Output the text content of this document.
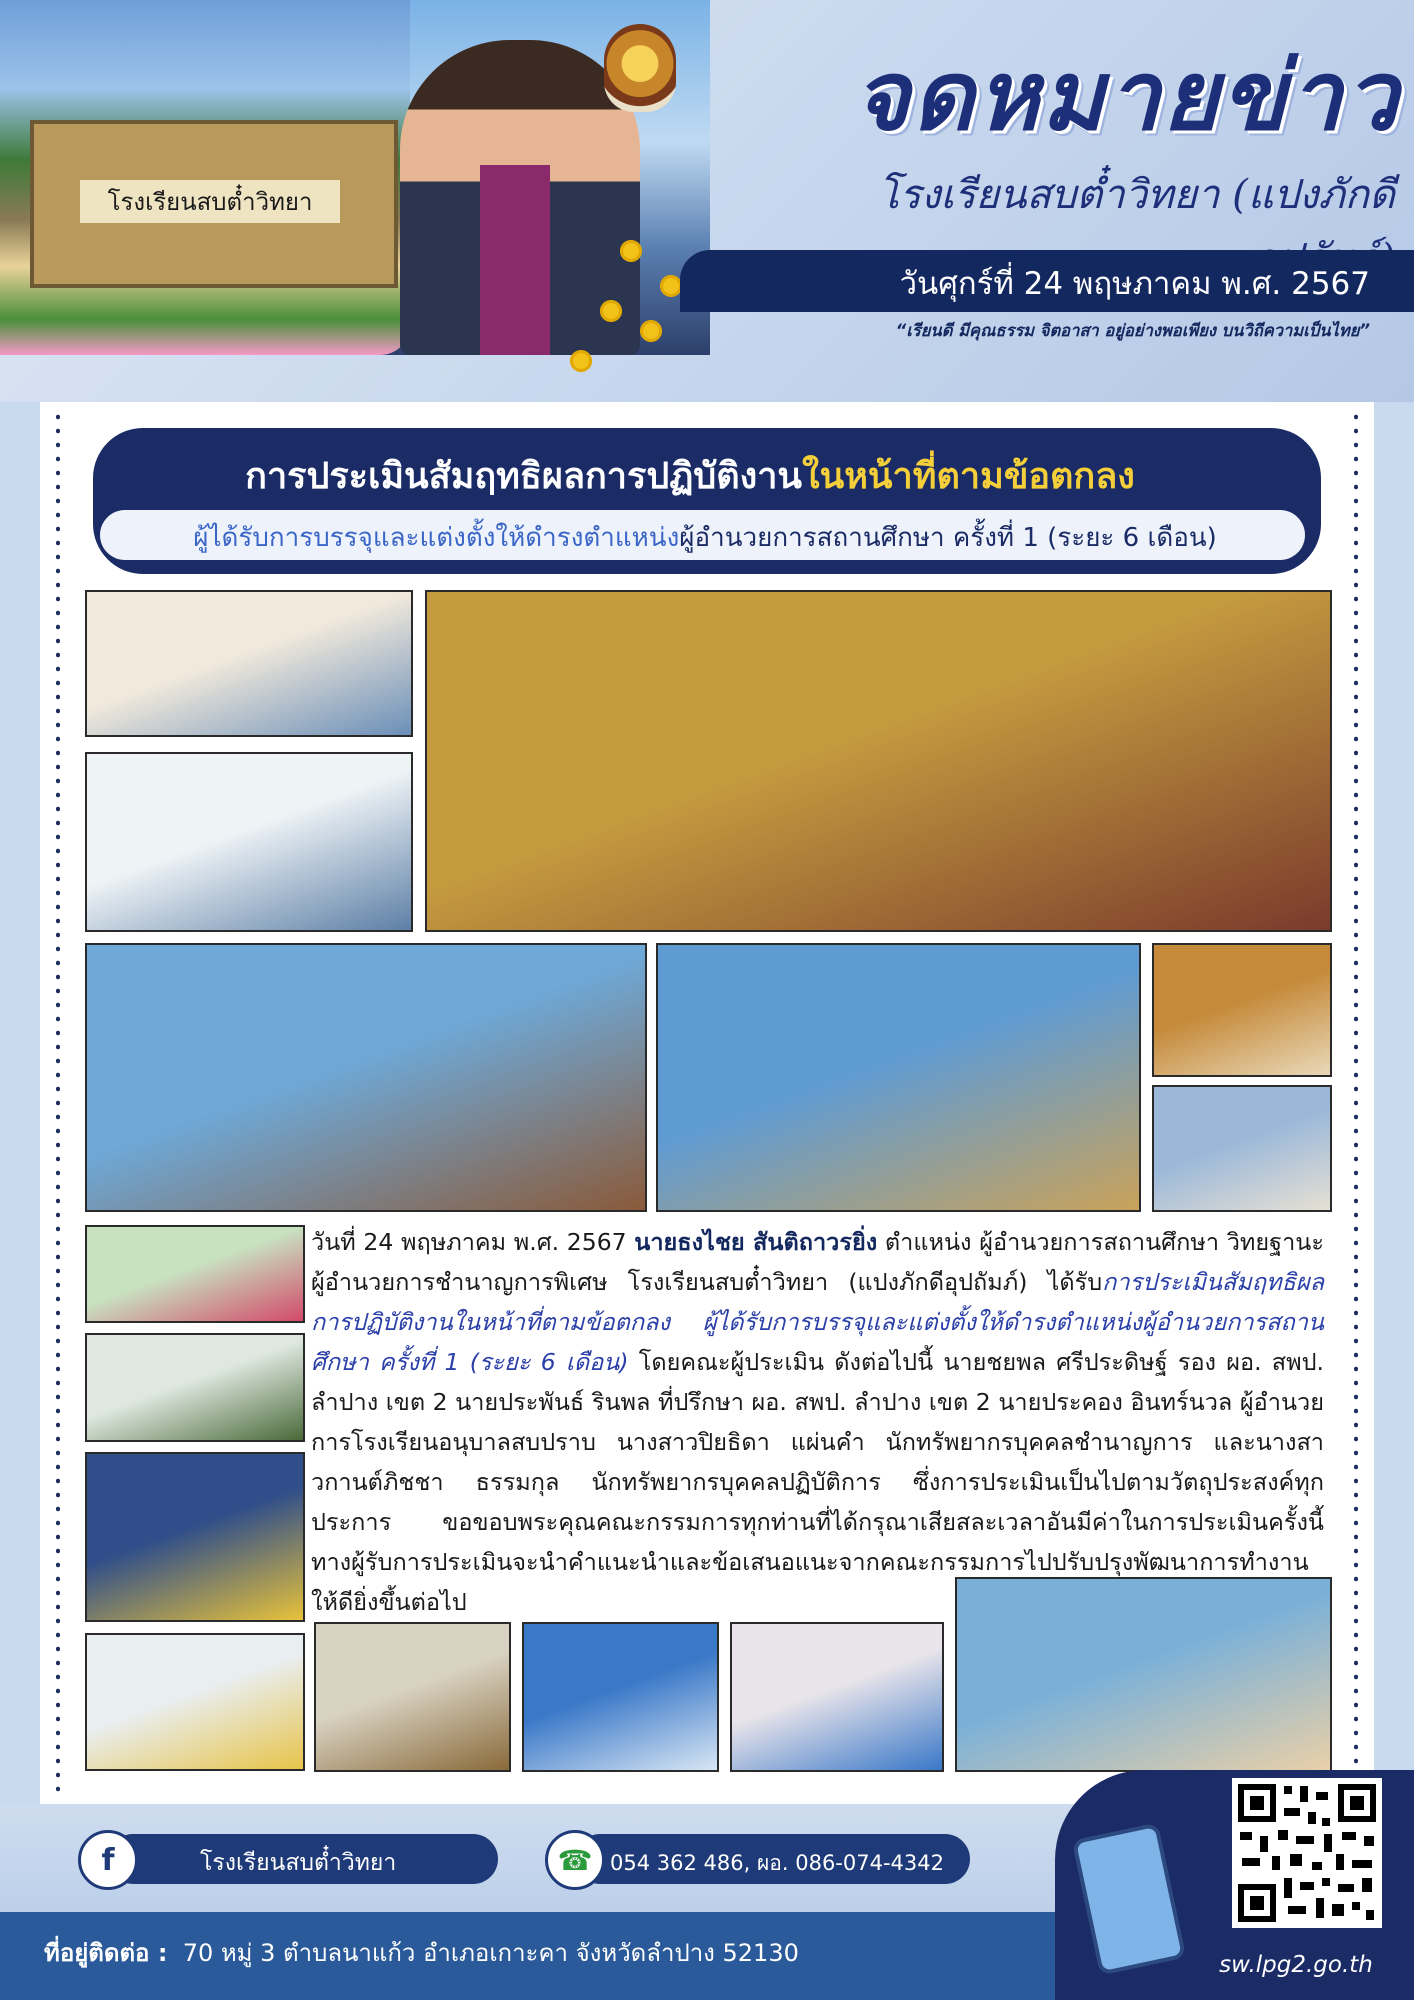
โรงเรียนสบต๋ำวิทยา
จดหมายข่าว
โรงเรียนสบต๋ำวิทยา (แปงภักดี
วันศุกร์ที่ 24 พฤษภาคม พ.ศ. 2567
“เรียนดี มีคุณธรรม จิตอาสา อยู่อย่างพอเพียง บนวิถีความเป็นไทย”
การประเมินสัมฤทธิผลการปฏิบัติงานในหน้าที่ตามข้อตกลง
ผู้ได้รับการบรรจุและแต่งตั้งให้ดำรงตำแหน่งผู้อำนวยการสถานศึกษา ครั้งที่ 1 (ระยะ 6 เดือน)
วันที่ 24 พฤษภาคม พ.ศ. 2567 นายธงไชย สันติถาวรยิ่ง ตำแหน่ง ผู้อำนวยการสถานศึกษา วิทยฐานะ ผู้อำนวยการชำนาญการพิเศษ โรงเรียนสบต๋ำวิทยา (แปงภักดีอุปถัมภ์) ได้รับการประเมินสัมฤทธิผลการปฏิบัติงานในหน้าที่ตามข้อตกลง ผู้ได้รับการบรรจุและแต่งตั้งให้ดำรงตำแหน่งผู้อำนวยการสถานศึกษา ครั้งที่ 1 (ระยะ 6 เดือน) โดยคณะผู้ประเมิน ดังต่อไปนี้ นายชยพล ศรีประดิษฐ์ รอง ผอ. สพป. ลำปาง เขต 2 นายประพันธ์ รินพล ที่ปรึกษา ผอ. สพป. ลำปาง เขต 2 นายประคอง อินทร์นวล ผู้อำนวยการโรงเรียนอนุบาลสบปราบ นางสาวปิยธิดา แผ่นคำ นักทรัพยากรบุคคลชำนาญการ และนางสาวกานต์ภิชชา ธรรมกุล นักทรัพยากรบุคคลปฏิบัติการ ซึ่งการประเมินเป็นไปตามวัตถุประสงค์ทุกประการ ขอขอบพระคุณคณะกรรมการทุกท่านที่ได้กรุณาเสียสละเวลาอันมีค่าในการประเมินครั้งนี้ ทางผู้รับการประเมินจะนำคำแนะนำและข้อเสนอแนะจากคณะกรรมการไปปรับปรุงพัฒนาการทำงานให้ดียิ่งขึ้นต่อไป
f	โรงเรียนสบต๋ำวิทยา	☎ 054 362 486, ผอ. 086-074-4342
ที่อยู่ติดต่อ : 70 หมู่ 3 ตำบลนาแก้ว อำเภอเกาะคา จังหวัดลำปาง 52130	sw.lpg2.go.th
